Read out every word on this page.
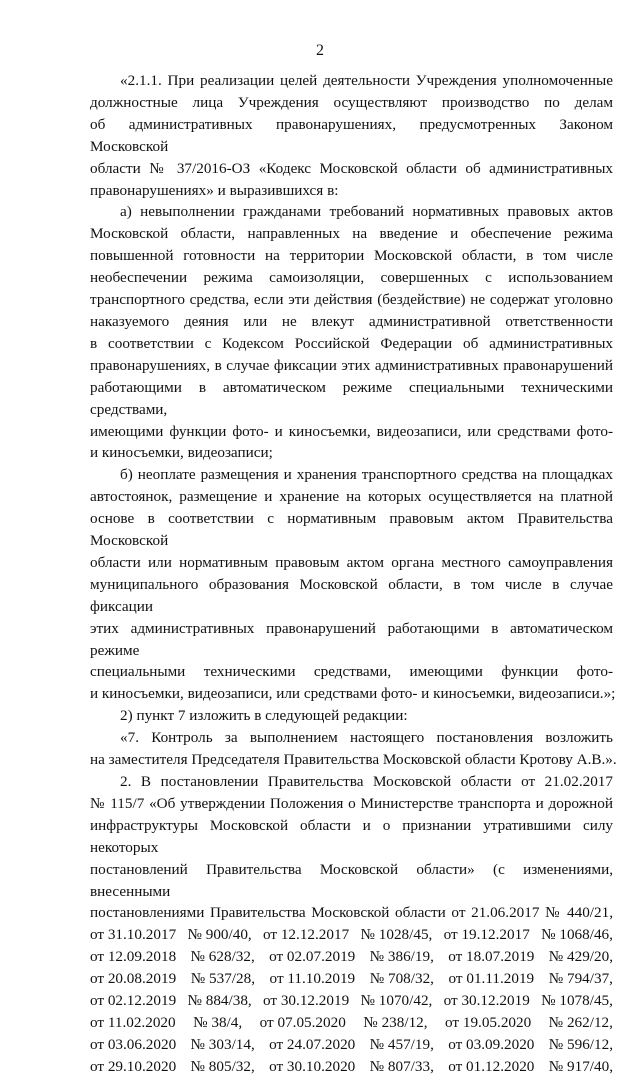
2
«2.1.1. При реализации целей деятельности Учреждения уполномоченные
должностные лица Учреждения осуществляют производство по делам
об административных правонарушениях, предусмотренных Законом Московской
области № 37/2016-ОЗ «Кодекс Московской области об административных
правонарушениях» и выразившихся в:
а) невыполнении гражданами требований нормативных правовых актов
Московской области, направленных на введение и обеспечение режима
повышенной готовности на территории Московской области, в том числе
необеспечении режима самоизоляции, совершенных с использованием
транспортного средства, если эти действия (бездействие) не содержат уголовно
наказуемого деяния или не влекут административной ответственности
в соответствии с Кодексом Российской Федерации об административных
правонарушениях, в случае фиксации этих административных правонарушений
работающими в автоматическом режиме специальными техническими средствами,
имеющими функции фото- и киносъемки, видеозаписи, или средствами фото-
и киносъемки, видеозаписи;
б) неоплате размещения и хранения транспортного средства на площадках
автостоянок, размещение и хранение на которых осуществляется на платной
основе в соответствии с нормативным правовым актом Правительства Московской
области или нормативным правовым актом органа местного самоуправления
муниципального образования Московской области, в том числе в случае фиксации
этих административных правонарушений работающими в автоматическом режиме
специальными техническими средствами, имеющими функции фото-
и киносъемки, видеозаписи, или средствами фото- и киносъемки, видеозаписи.»;
2) пункт 7 изложить в следующей редакции:
«7. Контроль за выполнением настоящего постановления возложить
на заместителя Председателя Правительства Московской области Кротову А.В.».
2. В постановлении Правительства Московской области от 21.02.2017
№ 115/7 «Об утверждении Положения о Министерстве транспорта и дорожной
инфраструктуры Московской области и о признании утратившими силу некоторых
постановлений Правительства Московской области» (с изменениями, внесенными
постановлениями Правительства Московской области от 21.06.2017 № 440/21,
от 31.10.2017 № 900/40, от 12.12.2017 № 1028/45, от 19.12.2017 № 1068/46,
от 12.09.2018 № 628/32, от 02.07.2019 № 386/19, от 18.07.2019 № 429/20,
от 20.08.2019 № 537/28, от 11.10.2019 № 708/32, от 01.11.2019 № 794/37,
от 02.12.2019 № 884/38, от 30.12.2019 № 1070/42, от 30.12.2019 № 1078/45,
от 11.02.2020 № 38/4, от 07.05.2020 № 238/12, от 19.05.2020 № 262/12,
от 03.06.2020 № 303/14, от 24.07.2020 № 457/19, от 03.09.2020 № 596/12,
от 29.10.2020 № 805/32, от 30.10.2020 № 807/33, от 01.12.2020 № 917/40,
